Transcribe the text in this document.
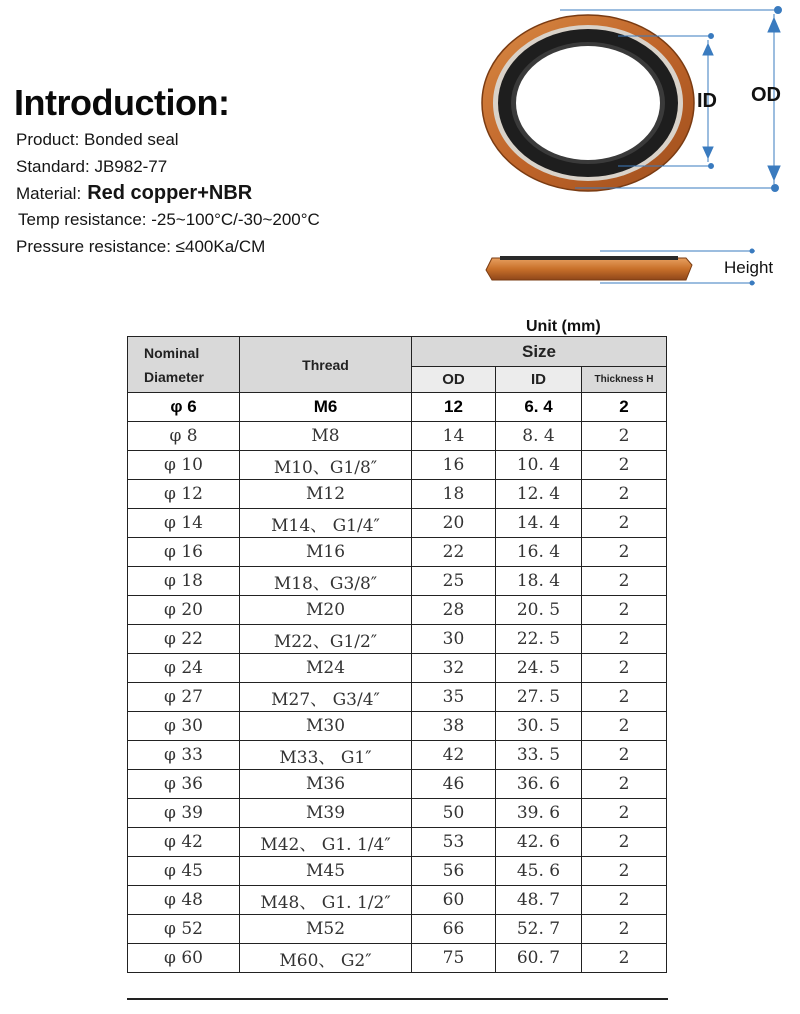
Introduction:
Product: Bonded seal
Standard: JB982-77
Material: Red copper+NBR
Temp resistance: -25~100°C/-30~200°C
Pressure resistance: ≤400Ka/CM
ID OD
Height
Unit (mm)
Nominal
Diameter	Thread	Size		
		OD	ID	Thickness H
φ 6	M6	12	6. 4	2
φ 8	M8	14	8. 4	2
φ 10	M10、G1/8″	16	10. 4	2
φ 12	M12	18	12. 4	2
φ 14	M14、 G1/4″	20	14. 4	2
φ 16	M16	22	16. 4	2
φ 18	M18、G3/8″	25	18. 4	2
φ 20	M20	28	20. 5	2
φ 22	M22、G1/2″	30	22. 5	2
φ 24	M24	32	24. 5	2
φ 27	M27、 G3/4″	35	27. 5	2
φ 30	M30	38	30. 5	2
φ 33	M33、 G1″	42	33. 5	2
φ 36	M36	46	36. 6	2
φ 39	M39	50	39. 6	2
φ 42	M42、 G1. 1/4″	53	42. 6	2
φ 45	M45	56	45. 6	2
φ 48	M48、 G1. 1/2″	60	48. 7	2
φ 52	M52	66	52. 7	2
φ 60	M60、 G2″	75	60. 7	2
